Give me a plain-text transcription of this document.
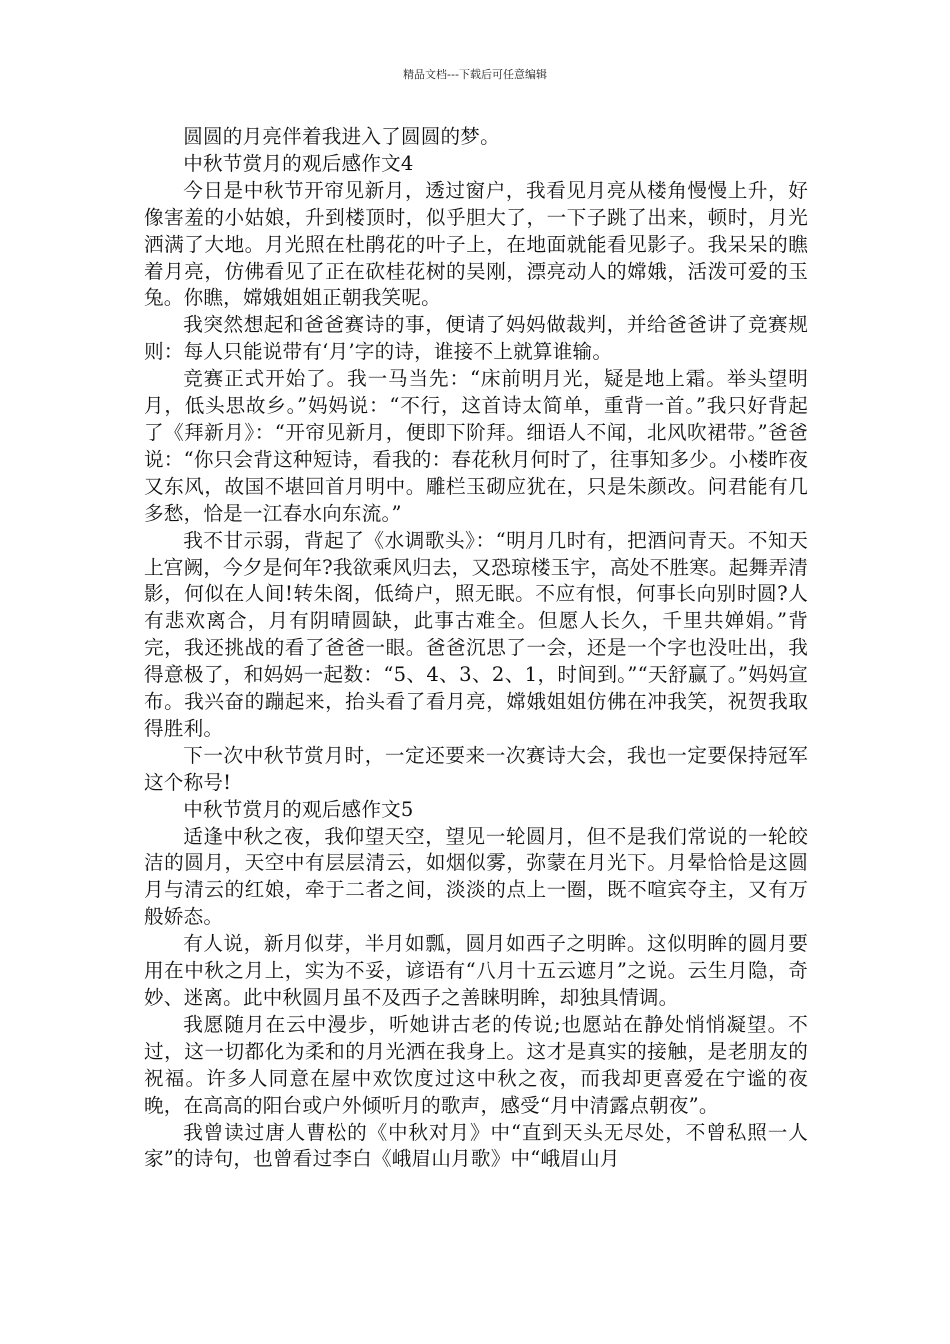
精品文档---下载后可任意编辑

圆圆的月亮伴着我进入了圆圆的梦。

中秋节赏月的观后感作文4

今日是中秋节开帘见新月，透过窗户，我看见月亮从楼角慢慢上升，好像害羞的小姑娘，升到楼顶时，似乎胆大了，一下子跳了出来，顿时，月光洒满了大地。月光照在杜鹃花的叶子上，在地面就能看见影子。我呆呆的瞧着月亮，仿佛看见了正在砍桂花树的吴刚，漂亮动人的嫦娥，活泼可爱的玉兔。你瞧，嫦娥姐姐正朝我笑呢。

我突然想起和爸爸赛诗的事，便请了妈妈做裁判，并给爸爸讲了竞赛规则：每人只能说带有‘月’字的诗，谁接不上就算谁输。

竞赛正式开始了。我一马当先：“床前明月光，疑是地上霜。举头望明月，低头思故乡。”妈妈说：“不行，这首诗太简单，重背一首。”我只好背起了《拜新月》：“开帘见新月，便即下阶拜。细语人不闻，北风吹裙带。”爸爸说：“你只会背这种短诗，看我的：春花秋月何时了，往事知多少。小楼昨夜又东风，故国不堪回首月明中。雕栏玉砌应犹在，只是朱颜改。问君能有几多愁，恰是一江春水向东流。”

我不甘示弱，背起了《水调歌头》：“明月几时有，把酒问青天。不知天上宫阙，今夕是何年?我欲乘风归去，又恐琼楼玉宇，高处不胜寒。起舞弄清影，何似在人间!转朱阁，低绮户，照无眠。不应有恨，何事长向别时圆?人有悲欢离合，月有阴晴圆缺，此事古难全。但愿人长久，千里共婵娟。”背完，我还挑战的看了爸爸一眼。爸爸沉思了一会，还是一个字也没吐出，我得意极了，和妈妈一起数：“5、4、3、2、1，时间到。”“天舒赢了。”妈妈宣布。我兴奋的蹦起来，抬头看了看月亮，嫦娥姐姐仿佛在冲我笑，祝贺我取得胜利。

下一次中秋节赏月时，一定还要来一次赛诗大会，我也一定要保持冠军这个称号!

中秋节赏月的观后感作文5

适逢中秋之夜，我仰望天空，望见一轮圆月，但不是我们常说的一轮皎洁的圆月，天空中有层层清云，如烟似雾，弥蒙在月光下。月晕恰恰是这圆月与清云的红娘，牵于二者之间，淡淡的点上一圈，既不喧宾夺主，又有万般娇态。

有人说，新月似芽，半月如瓢，圆月如西子之明眸。这似明眸的圆月要用在中秋之月上，实为不妥，谚语有“八月十五云遮月”之说。云生月隐，奇妙、迷离。此中秋圆月虽不及西子之善睐明眸，却独具情调。

我愿随月在云中漫步，听她讲古老的传说;也愿站在静处悄悄凝望。不过，这一切都化为柔和的月光洒在我身上。这才是真实的接触，是老朋友的祝福。许多人同意在屋中欢饮度过这中秋之夜，而我却更喜爱在宁谧的夜晚，在高高的阳台或户外倾听月的歌声，感受“月中清露点朝夜”。

我曾读过唐人曹松的《中秋对月》中“直到天头无尽处，不曾私照一人家”的诗句，也曾看过李白《峨眉山月歌》中“峨眉山月
